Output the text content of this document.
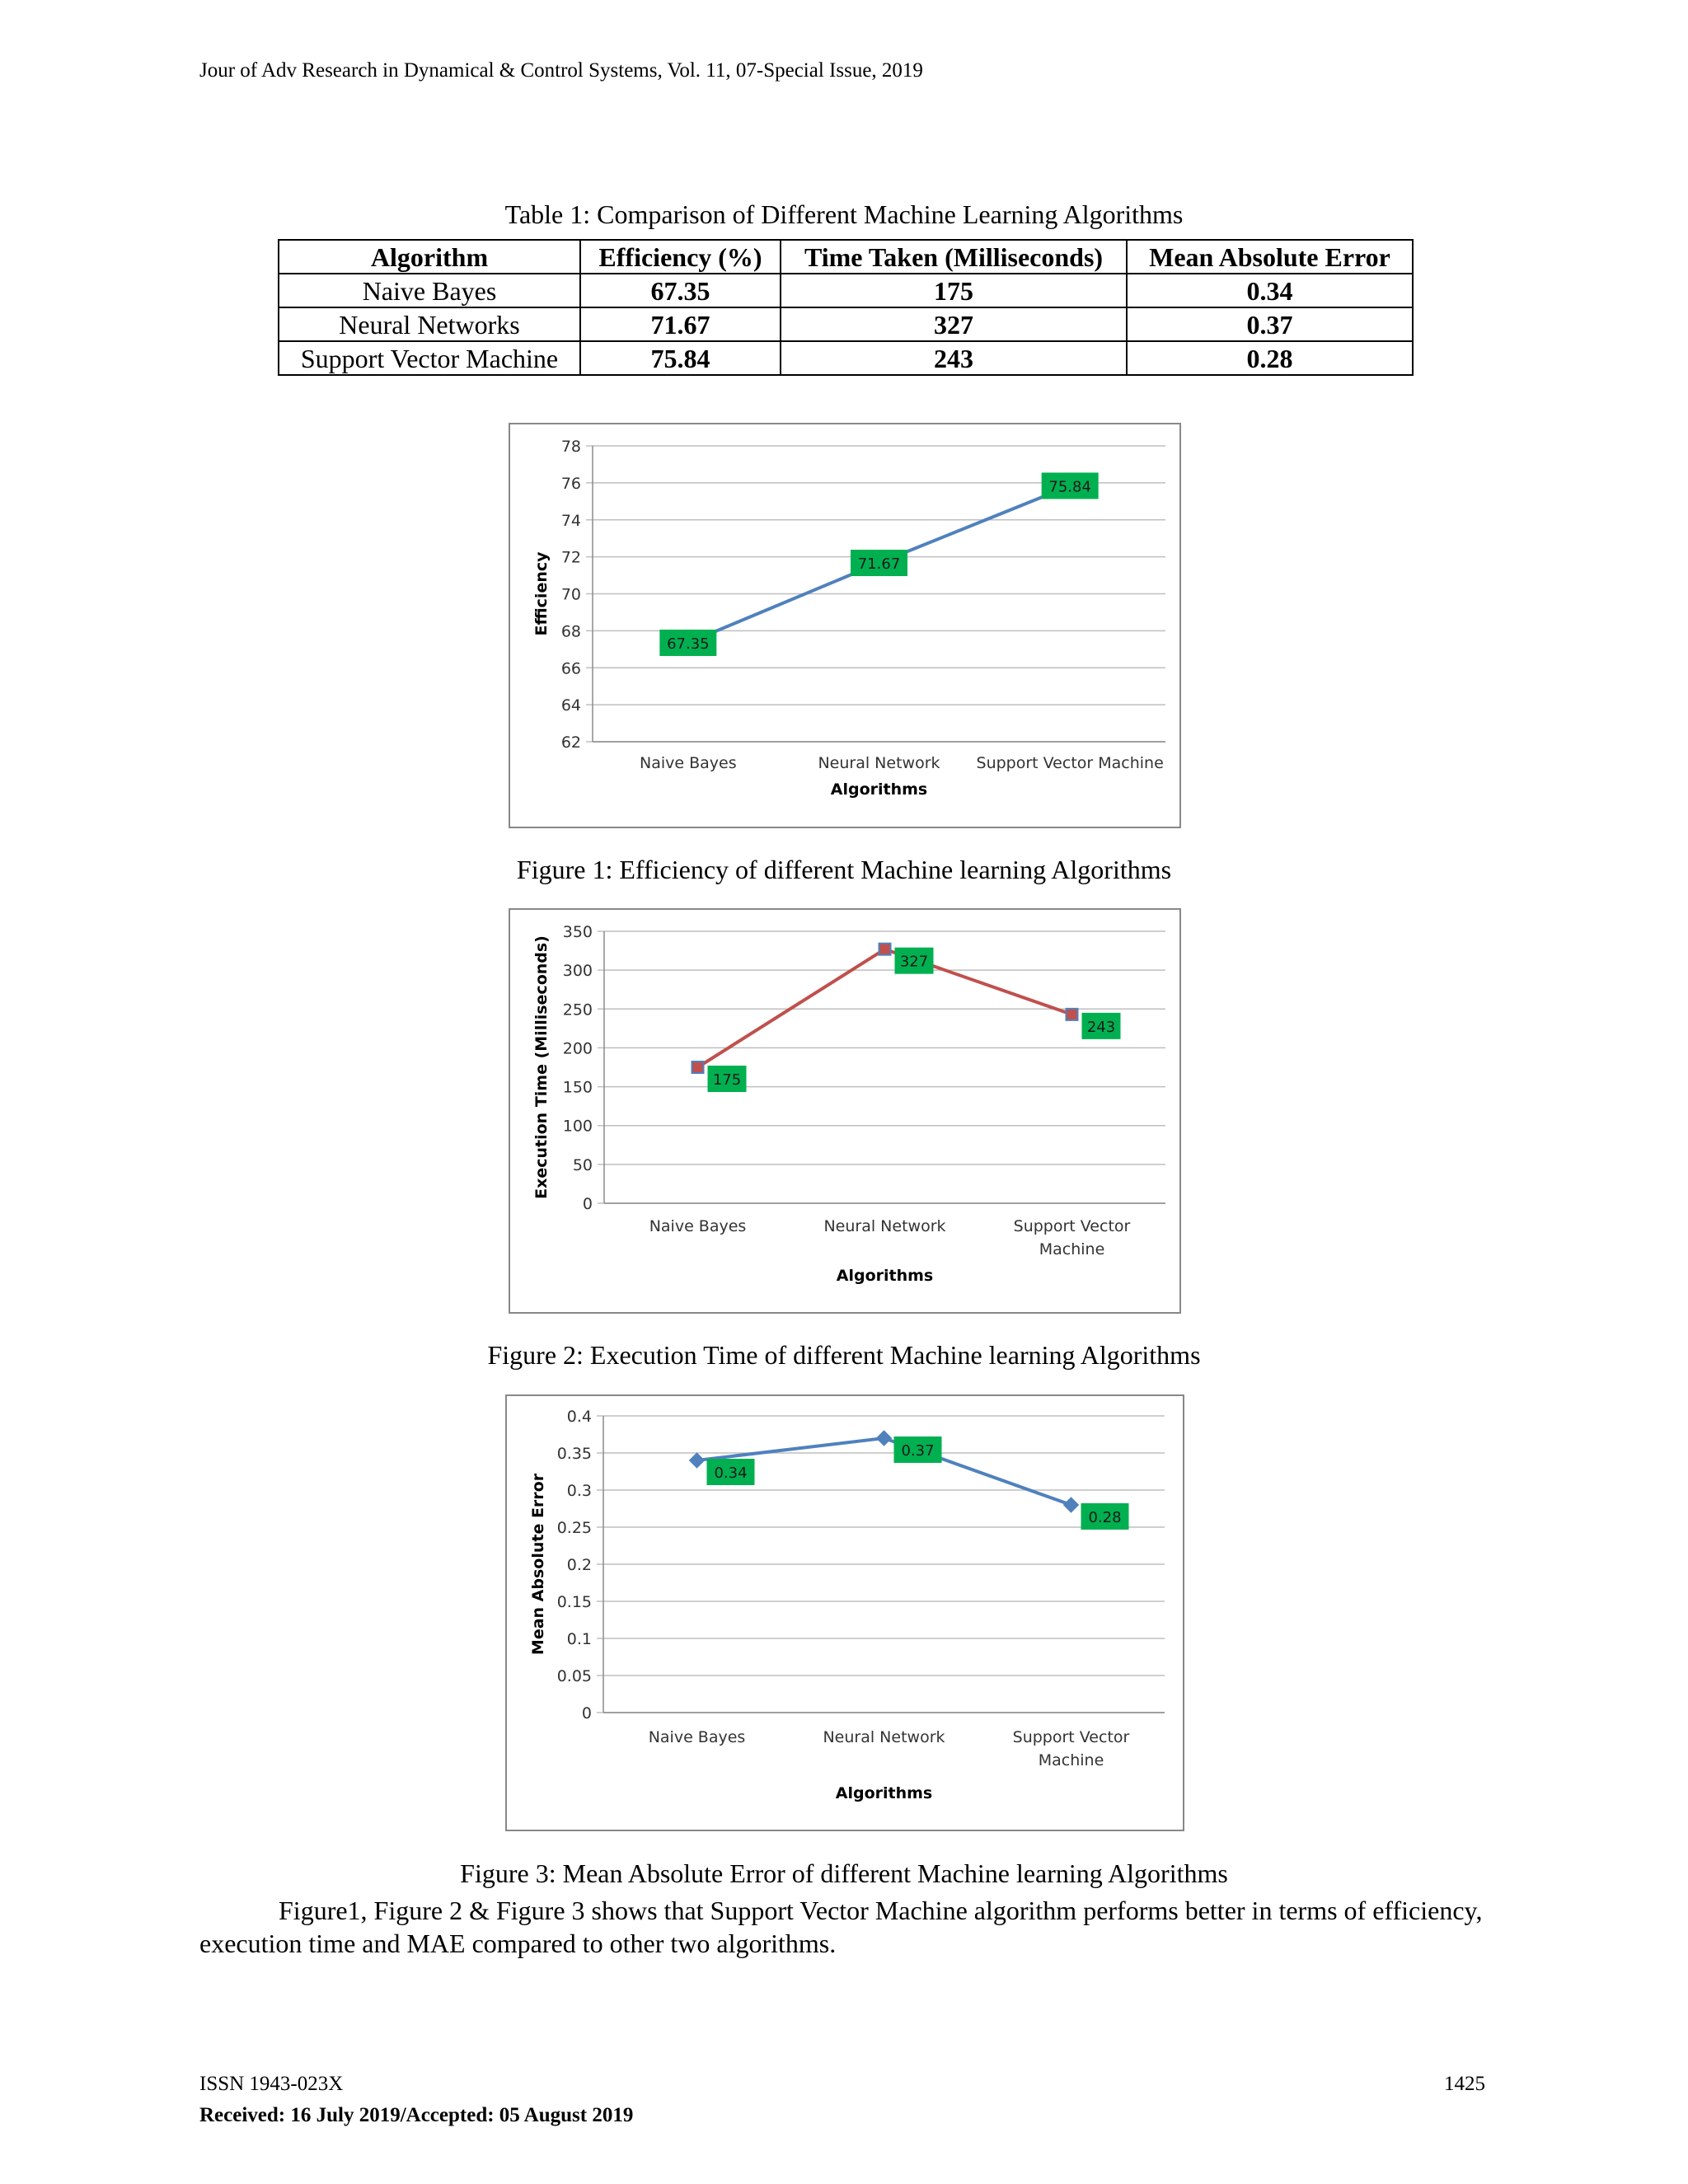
Jour of Adv Research in Dynamical & Control Systems, Vol. 11, 07-Special Issue, 2019
Table 1: Comparison of Different Machine Learning Algorithms
Algorithm	Efficiency (%)	Time Taken (Milliseconds)	Mean Absolute Error
Naive Bayes	67.35	175	0.34
Neural Networks	71.67	327	0.37
Support Vector Machine	75.84	243	0.28
62
64
66
68
70
72
74
76
78
Naive Bayes	Neural Network Support Vector Machine
Algorithms
Efficiency
67.35
71.67
75.84
Figure 1: Efficiency of different Machine learning Algorithms
0
50
100
150
200
250
300
350
Naive Bayes	Neural Network	Support Vector
Machine
Algorithms
Execution Time (Milliseconds)	175
327
243
Figure 2: Execution Time of different Machine learning Algorithms
0
0.05
0.1
0.15
0.2
0.25
0.3
0.35
0.4
Naive Bayes	Neural Network	Support Vector
Machine
Algorithms
Mean Absolute Error
0.34
0.37
0.28
Figure 3: Mean Absolute Error of different Machine learning Algorithms
Figure1, Figure 2 & Figure 3 shows that Support Vector Machine algorithm performs better in terms of efficiency, execution time and MAE compared to other two algorithms.
ISSN 1943-023X
Received: 16 July 2019/Accepted: 05 August 2019
1425
